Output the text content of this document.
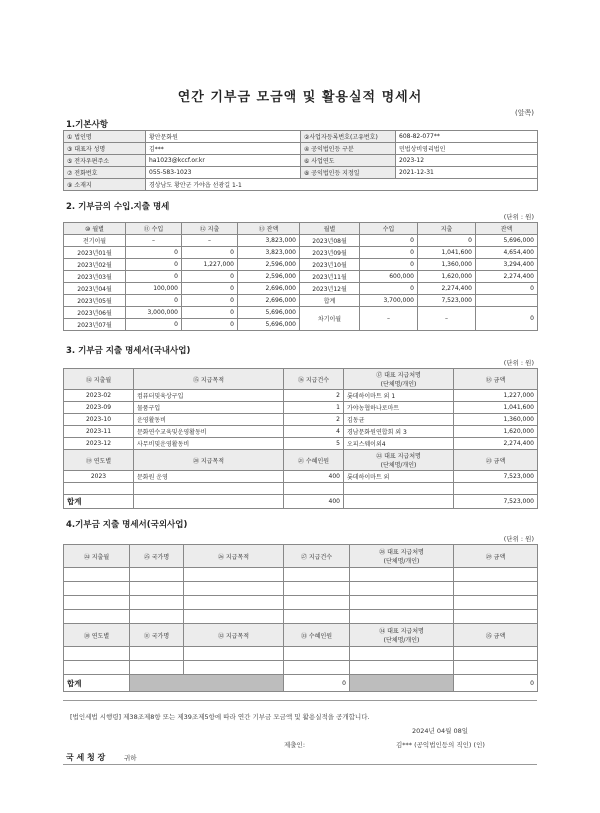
연간 기부금 모금액 및 활용실적 명세서
(앞쪽)
1.기본사항
① 법인명	황안문화원	②사업자등록번호(고유번호)	608-82-077**
③ 대표자 성명	김***	④ 공익법인등 구분	민법상비영리법인
⑤ 전자우편주소	ha1023@kccf.or.kr	⑥ 사업연도	2023-12
⑦ 전화번호	055-583-1023	⑧ 공익법인등 지정일	2021-12-31
⑨ 소재지	경상남도 황안군 가야읍 선광길 1-1		
2. 기부금의 수입.지출 명세
(단위 : 원)
⑩ 월별	⑪ 수입	⑫ 지출	⑬ 잔액	월별	수입	지출	잔액
전기이월	–	–	3,823,000	2023년08월	0	0	5,696,000
2023년01월	0	0	3,823,000	2023년09월	0	1,041,600	4,654,400
2023년02월	0	1,227,000	2,596,000	2023년10월	0	1,360,000	3,294,400
2023년03월	0	0	2,596,000	2023년11월	600,000	1,620,000	2,274,400
2023년04월	100,000	0	2,696,000	2023년12월	0	2,274,400	0
2023년05월	0	0	2,696,000	합계	3,700,000	7,523,000	
2023년06월	3,000,000	0	5,696,000	차기이월	–	–	0
2023년07월	0	0	5,696,000				
3. 기부금 지출 명세서(국내사업)
(단위 : 원)
⑭ 지출월	⑮ 지급목적	⑯ 지급건수	⑰ 대표 지급처명
(단체명/개인)	⑱ 금액
2023-02	컴퓨터및육상구입	2	롯데하이마트 외 1	1,227,000
2023-09	물품구입	1	가야농협하나로마트	1,041,600
2023-10	운영활동비	2	김동균	1,360,000
2023-11	문화연수교육및운영활동비	4	경남문화원연합회 외 3	1,620,000
2023-12	사무비및운영활동비	5	오피스웨이외4	2,274,400
⑲ 연도별	⑳ 지급목적	㉑ 수혜인원	㉒ 대표 지급처명
(단체명/개인)	㉓ 금액
2023	문화원 운영	400	롯데하이마트 외	7,523,000

합계		400		7,523,000
4.기부금 지출 명세서(국외사업)
(단위 : 원)
㉔ 지출월	㉕ 국가명	㉖ 지급목적	㉗ 지급건수	㉘ 대표 지급처명
(단체명/개인)	㉙ 금액

㉚ 연도별	㉛ 국가명	㉜ 지급목적	㉝ 수혜인원	㉞ 대표 지급처명
(단체명/개인)	㉟ 금액

합계			0		0
[법인세법 시행령] 제38조제8항 또는 제39조제5항에 따라 연간 기부금 모금액 및 활용실적을 공개합니다.
2024년 04월 08일
제출인:	김*** (공익법인등의 직인) (인)
국 세 청 장	귀하
